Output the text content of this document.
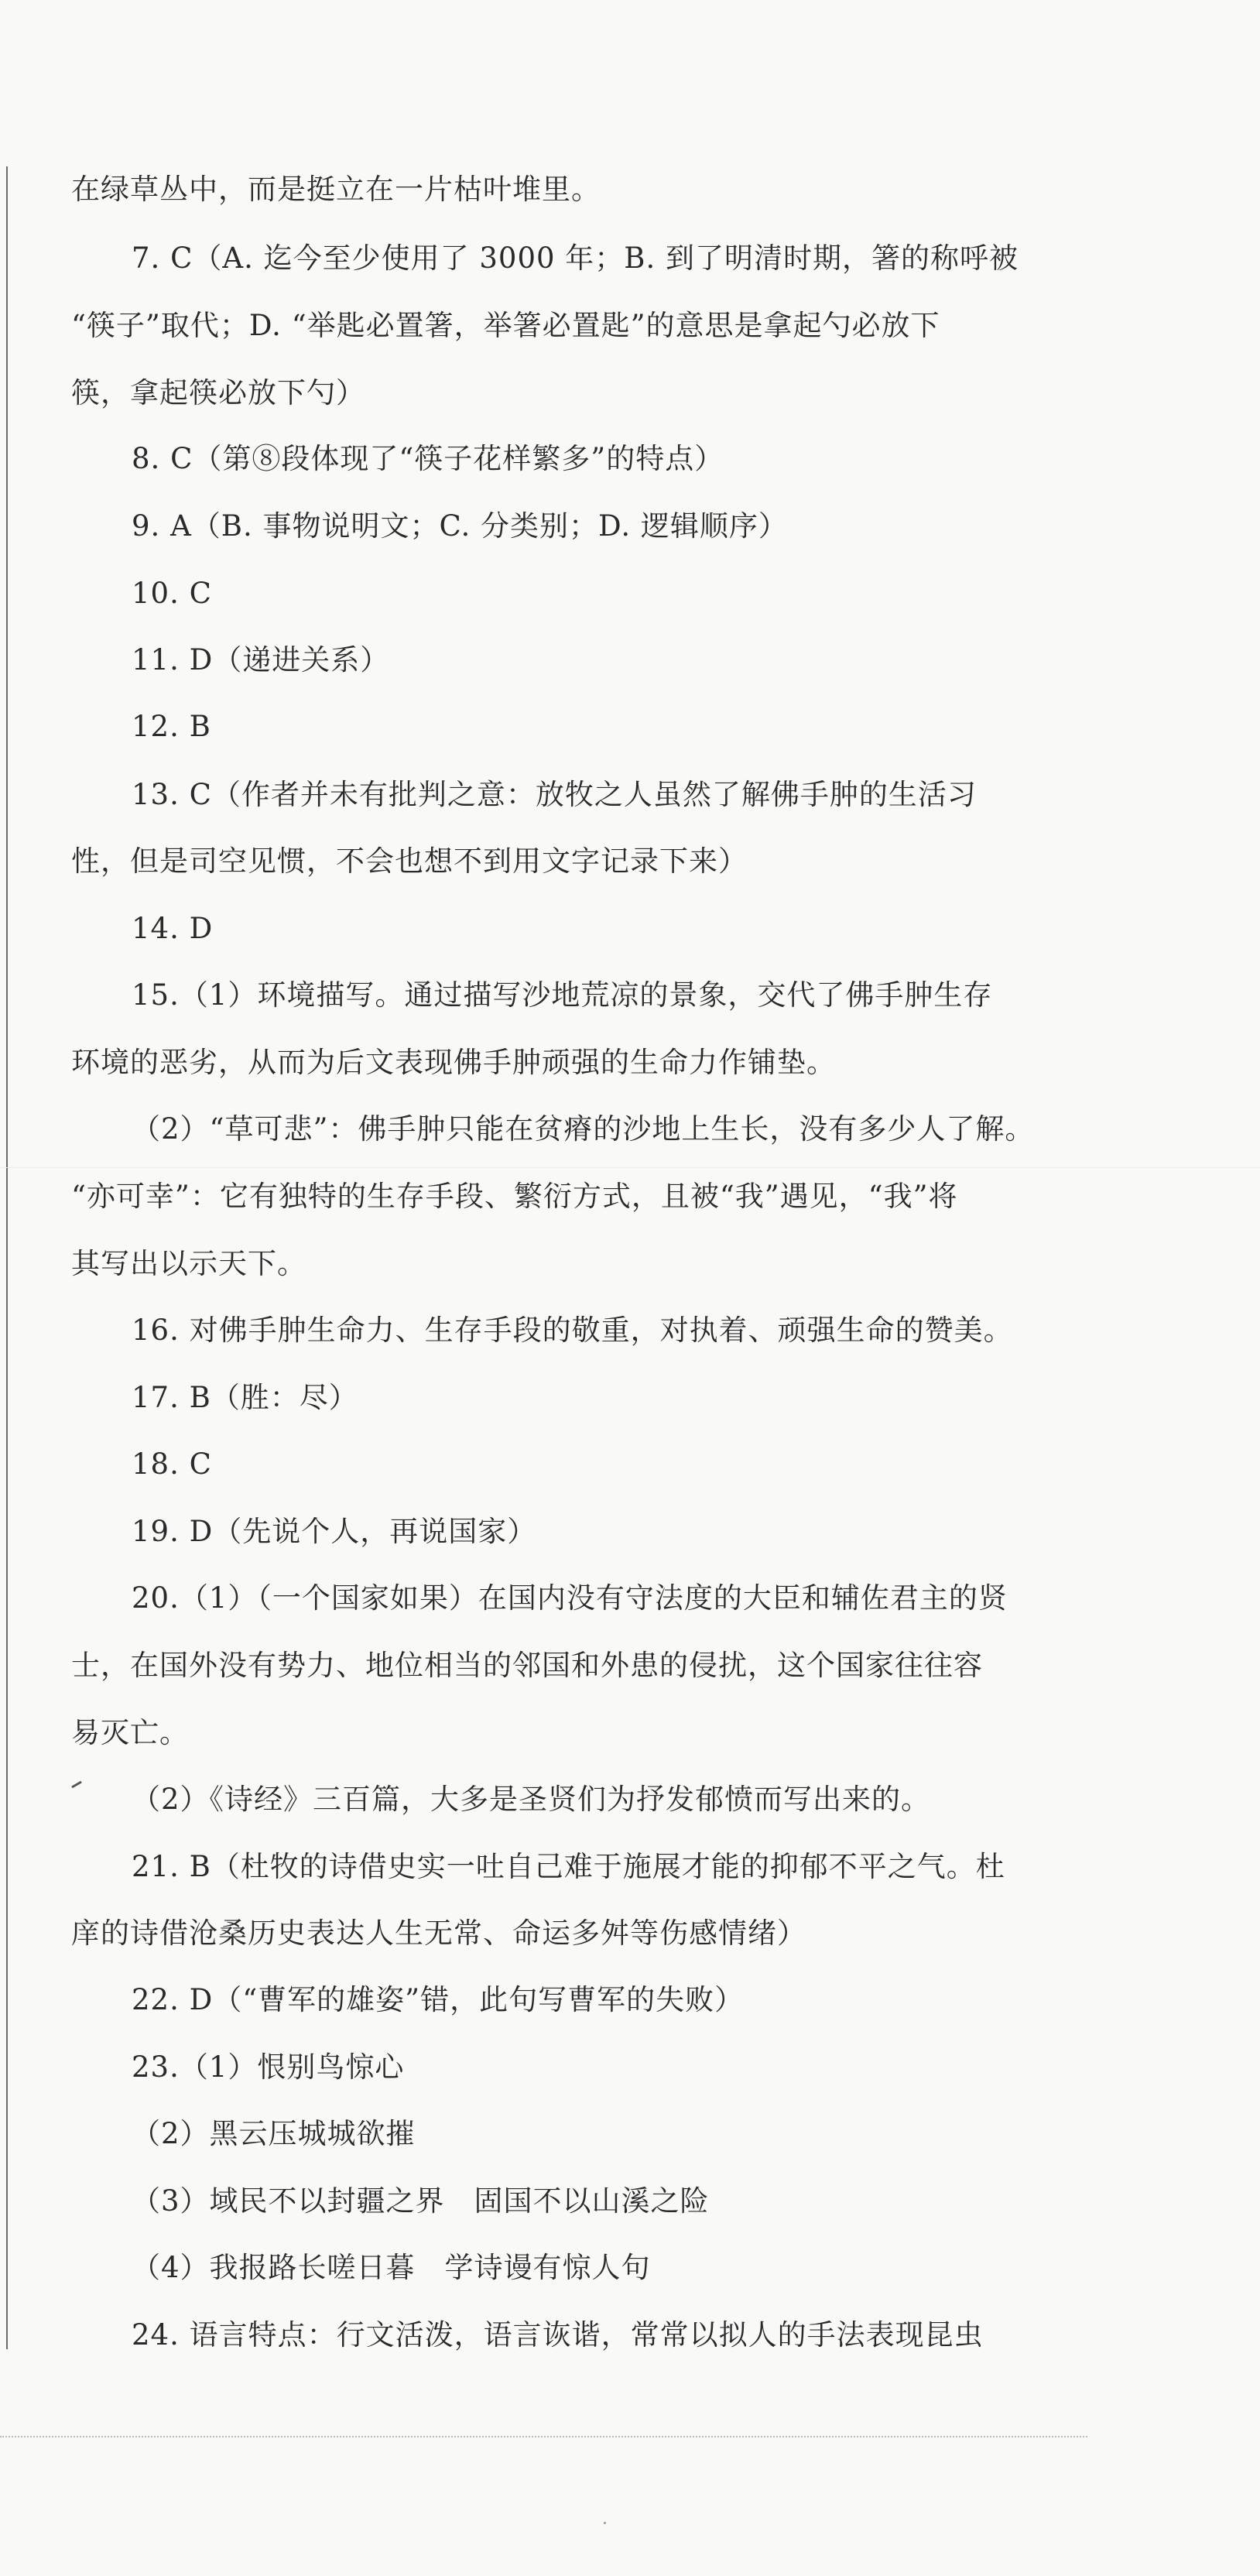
在绿草丛中，而是挺立在一片枯叶堆里。
7. C（A. 迄今至少使用了 3000 年；B. 到了明清时期，箸的称呼被
“筷子”取代；D. “举匙必置箸，举箸必置匙”的意思是拿起勺必放下
筷，拿起筷必放下勺）
8. C（第⑧段体现了“筷子花样繁多”的特点）
9. A（B. 事物说明文；C. 分类别；D. 逻辑顺序）
10. C
11. D（递进关系）
12. B
13. C（作者并未有批判之意：放牧之人虽然了解佛手肿的生活习
性，但是司空见惯，不会也想不到用文字记录下来）
14. D
15.（1）环境描写。通过描写沙地荒凉的景象，交代了佛手肿生存
环境的恶劣，从而为后文表现佛手肿顽强的生命力作铺垫。
（2）“草可悲”：佛手肿只能在贫瘠的沙地上生长，没有多少人了解。
“亦可幸”：它有独特的生存手段、繁衍方式，且被“我”遇见，“我”将
其写出以示天下。
16. 对佛手肿生命力、生存手段的敬重，对执着、顽强生命的赞美。
17. B（胜：尽）
18. C
19. D（先说个人，再说国家）
20.（1）（一个国家如果）在国内没有守法度的大臣和辅佐君主的贤
士，在国外没有势力、地位相当的邻国和外患的侵扰，这个国家往往容
易灭亡。
（2）《诗经》三百篇，大多是圣贤们为抒发郁愤而写出来的。
21. B（杜牧的诗借史实一吐自己难于施展才能的抑郁不平之气。杜
庠的诗借沧桑历史表达人生无常、命运多舛等伤感情绪）
22. D（“曹军的雄姿”错，此句写曹军的失败）
23.（1）恨别鸟惊心
（2）黑云压城城欲摧
（3）域民不以封疆之界　固国不以山溪之险
（4）我报路长嗟日暮　学诗谩有惊人句
24. 语言特点：行文活泼，语言诙谐，常常以拟人的手法表现昆虫
